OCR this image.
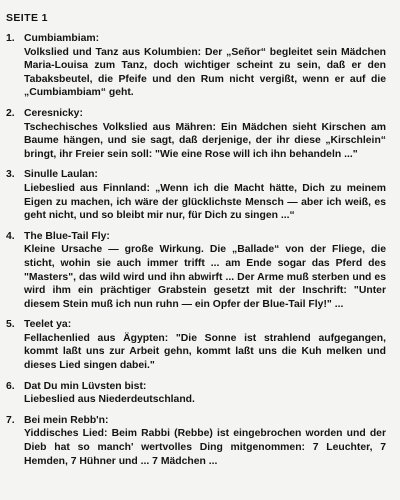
SEITE 1
1. Cumbiambiam:
Volkslied und Tanz aus Kolumbien: Der „Señor“ begleitet sein Mädchen Maria-Louisa zum Tanz, doch wichtiger scheint zu sein, daß er den Tabaksbeutel, die Pfeife und den Rum nicht vergißt, wenn er auf die „Cumbiambiam“ geht.
2. Ceresnicky:
Tschechisches Volkslied aus Mähren: Ein Mädchen sieht Kirschen am Baume hängen, und sie sagt, daß derjenige, der ihr diese „Kirschlein“ bringt, ihr Freier sein soll: "Wie eine Rose will ich ihn behandeln ..."
3. Sinulle Laulan:
Liebeslied aus Finnland: „Wenn ich die Macht hätte, Dich zu meinem Eigen zu machen, ich wäre der glücklichste Mensch — aber ich weiß, es geht nicht, und so bleibt mir nur, für Dich zu singen ...“
4. The Blue-Tail Fly:
Kleine Ursache — große Wirkung. Die „Ballade“ von der Fliege, die sticht, wohin sie auch immer trifft ... am Ende sogar das Pferd des "Masters", das wild wird und ihn abwirft ... Der Arme muß sterben und es wird ihm ein prächtiger Grabstein gesetzt mit der Inschrift: "Unter diesem Stein muß ich nun ruhn — ein Opfer der Blue-Tail Fly!" ...
5. Teelet ya:
Fellachenlied aus Ägypten: "Die Sonne ist strahlend aufgegangen, kommt laßt uns zur Arbeit gehn, kommt laßt uns die Kuh melken und dieses Lied singen dabei."
6. Dat Du min Lüvsten bist:
Liebeslied aus Niederdeutschland.
7. Bei mein Rebb'n:
Yiddisches Lied: Beim Rabbi (Rebbe) ist eingebrochen worden und der Dieb hat so manch' wertvolles Ding mitgenommen: 7 Leuchter, 7 Hemden, 7 Hühner und ... 7 Mädchen ...
